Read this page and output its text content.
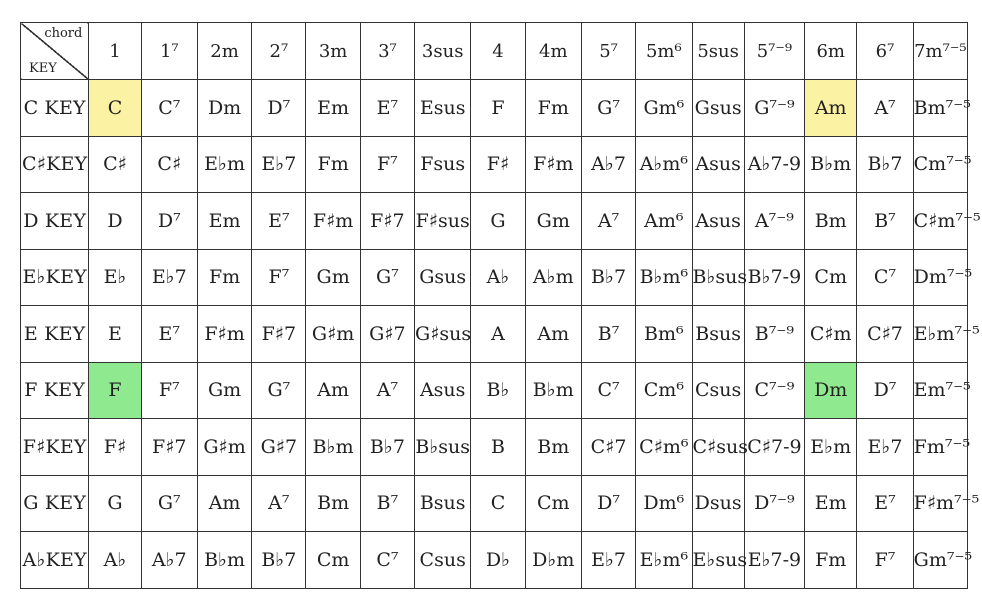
chord
KEY	1	1⁷	2m	2⁷	3m	3⁷	3sus	4	4m	5⁷	5m⁶	5sus	5⁷⁻⁹	6m	6⁷	7m⁷⁻⁵
C KEY	C	C⁷	Dm	D⁷	Em	E⁷	Esus	F	Fm	G⁷	Gm⁶	Gsus	G⁷⁻⁹	Am	A⁷	Bm⁷⁻⁵
C♯KEY	C♯	C♯	E♭m	E♭7	Fm	F⁷	Fsus	F♯	F♯m	A♭7	A♭m⁶	Asus	A♭7-9	B♭m	B♭7	Cm⁷⁻⁵
D KEY	D	D⁷	Em	E⁷	F♯m	F♯7	F♯sus	G	Gm	A⁷	Am⁶	Asus	A⁷⁻⁹	Bm	B⁷	C♯m⁷⁻⁵
E♭KEY	E♭	E♭7	Fm	F⁷	Gm	G⁷	Gsus	A♭	A♭m	B♭7	B♭m⁶	B♭sus	B♭7-9	Cm	C⁷	Dm⁷⁻⁵
E KEY	E	E⁷	F♯m	F♯7	G♯m	G♯7	G♯sus	A	Am	B⁷	Bm⁶	Bsus	B⁷⁻⁹	C♯m	C♯7	E♭m⁷⁻⁵
F KEY	F	F⁷	Gm	G⁷	Am	A⁷	Asus	B♭	B♭m	C⁷	Cm⁶	Csus	C⁷⁻⁹	Dm	D⁷	Em⁷⁻⁵
F♯KEY	F♯	F♯7	G♯m	G♯7	B♭m	B♭7	B♭sus	B	Bm	C♯7	C♯m⁶	C♯sus	C♯7-9	E♭m	E♭7	Fm⁷⁻⁵
G KEY	G	G⁷	Am	A⁷	Bm	B⁷	Bsus	C	Cm	D⁷	Dm⁶	Dsus	D⁷⁻⁹	Em	E⁷	F♯m⁷⁻⁵
A♭KEY	A♭	A♭7	B♭m	B♭7	Cm	C⁷	Csus	D♭	D♭m	E♭7	E♭m⁶	E♭sus	E♭7-9	Fm	F⁷	Gm⁷⁻⁵
